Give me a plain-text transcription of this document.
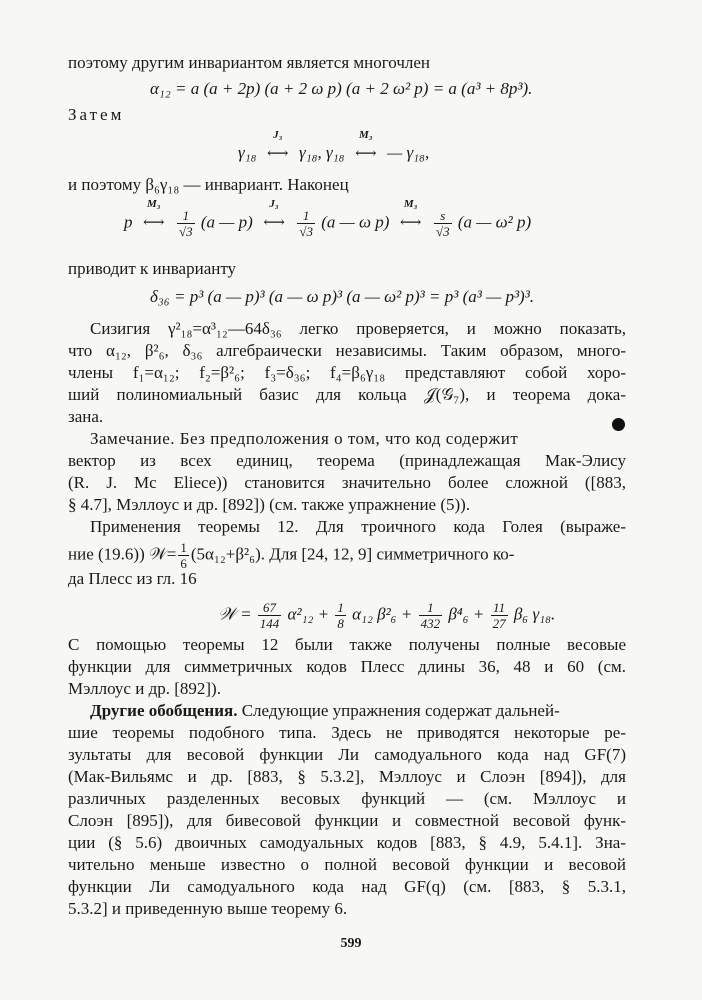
поэтому другим инвариантом является многочлен
α₁₂ = a (a + 2p) (a + 2 ω p) (a + 2 ω² p) = a (a³ + 8p³).
Затем
γ₁₈
J₃
⟷ γ₁₈, γ₁₈
M₃
⟷ — γ₁₈,
и поэтому β₆γ₁₈ — инвариант. Наконец
p
M₃
⟷ $\frac{1}{√3} (a$ — p)
J₃
⟷ $\frac{1}{√3} (a$ — ω p)
M₃
⟷ $\frac{s}{√3} (a$ — ω² p)
приводит к инварианту
δ₃₆ = p³ (a — p)³ (a — ω p)³ (a — ω² p)³ = p³ (a³ — p³)³.
Сизигия γ²₁₈=α³₁₂—64δ₃₆ легко проверяется, и можно показать,
что α₁₂, β²₆, δ₃₆ алгебраически независимы. Таким образом, много-
члены f₁=α₁₂; f₂=β²₆; f₃=δ₃₆; f₄=β₆γ₁₈ представляют собой хоро-
ший полиномиальный базис для кольца 𝒥(𝒢₇), и теорема дока-
зана.
Замечание. Без предположения о том, что код содержит
вектор из всех единиц, теорема (принадлежащая Мак-Элису
(R. J. Mc Eliece)) становится значительно более сложной ([883,
§ 4.7], Мэллоус и др. [892]) (см. также упражнение (5)).
Применения теоремы 12. Для троичного кода Голея (выраже-
ние (19.6)) 𝒲= $\frac{1}{6} (5\alpha_{12}+\beta^2_6)$. Для [24, 12, 9] симметричного ко-
да Плесс из гл. 16
𝒲 = $\frac{67}{144} \alpha^2_{12} + \frac{1}{8} \alpha_{12}$ $\beta^2_6 + \frac{1}{432} \beta^4_6 + \frac{11}{27} \beta_6$ γ₁₈.
С помощью теоремы 12 были также получены полные весовые
функции для симметричных кодов Плесс длины 36, 48 и 60 (см.
Мэллоус и др. [892]).
Другие обобщения. Следующие упражнения содержат дальней-
шие теоремы подобного типа. Здесь не приводятся некоторые ре-
зультаты для весовой функции Ли самодуального кода над GF(7)
(Мак-Вильямс и др. [883, § 5.3.2], Мэллоус и Слоэн [894]), для
различных разделенных весовых функций — (см. Мэллоус и
Слоэн [895]), для бивесовой функции и совместной весовой функ-
ции (§ 5.6) двоичных самодуальных кодов [883, § 4.9, 5.4.1]. Зна-
чительно меньше известно о полной весовой функции и весовой
функции Ли самодуального кода над GF(q) (см. [883, § 5.3.1,
5.3.2] и приведенную выше теорему 6.
599
